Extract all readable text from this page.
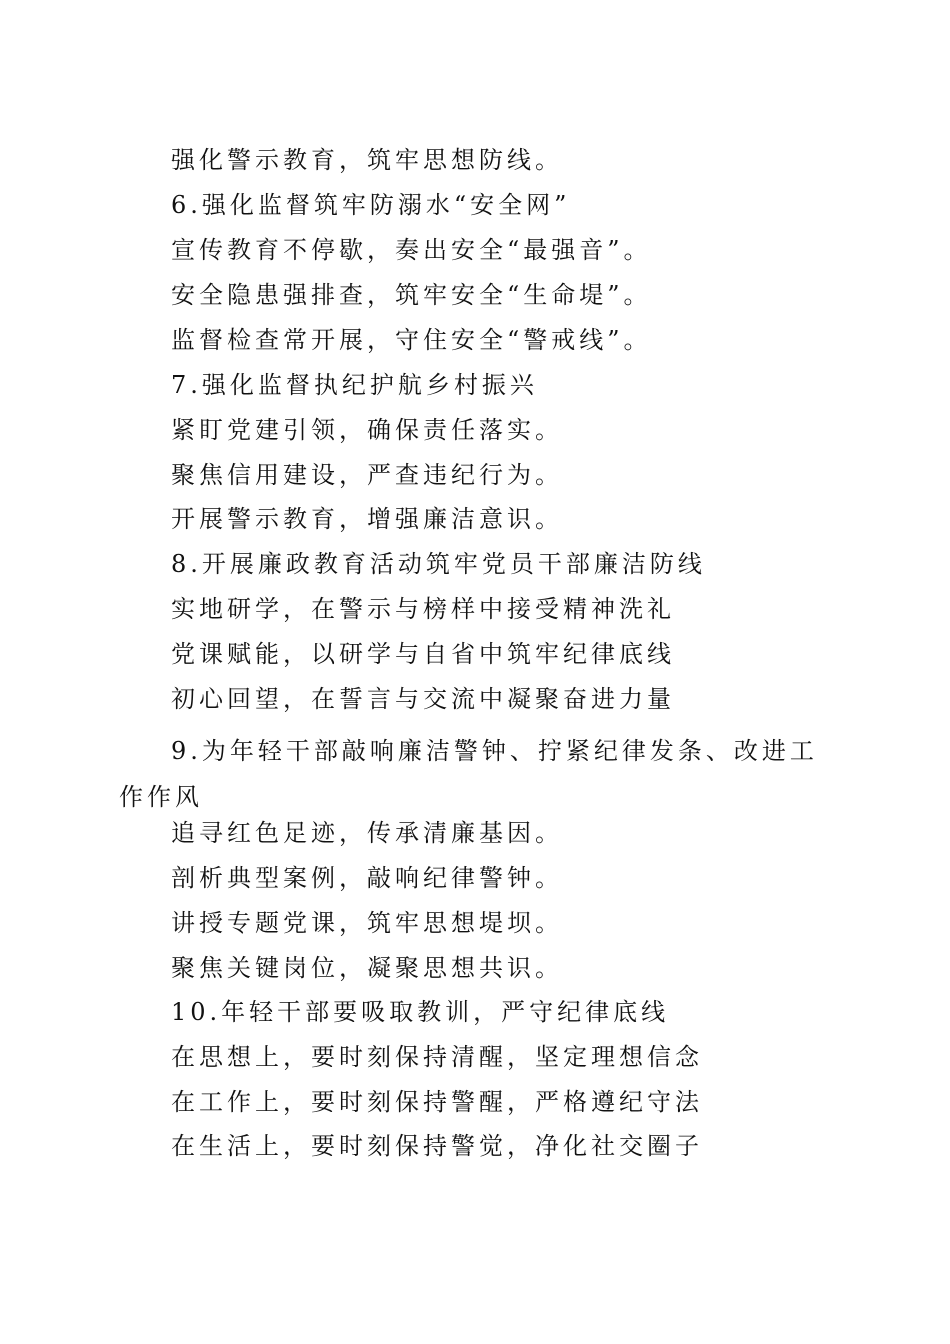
强化警示教育，筑牢思想防线。
6.强化监督筑牢防溺水“安全网”
宣传教育不停歇，奏出安全“最强音”。
安全隐患强排查，筑牢安全“生命堤”。
监督检查常开展，守住安全“警戒线”。
7.强化监督执纪护航乡村振兴
紧盯党建引领，确保责任落实。
聚焦信用建设，严查违纪行为。
开展警示教育，增强廉洁意识。
8.开展廉政教育活动筑牢党员干部廉洁防线
实地研学，在警示与榜样中接受精神洗礼
党课赋能，以研学与自省中筑牢纪律底线
初心回望，在誓言与交流中凝聚奋进力量
9.为年轻干部敲响廉洁警钟、拧紧纪律发条、改进工作作风
追寻红色足迹，传承清廉基因。
剖析典型案例，敲响纪律警钟。
讲授专题党课，筑牢思想堤坝。
聚焦关键岗位，凝聚思想共识。
10.年轻干部要吸取教训，严守纪律底线
在思想上，要时刻保持清醒，坚定理想信念
在工作上，要时刻保持警醒，严格遵纪守法
在生活上，要时刻保持警觉，净化社交圈子
